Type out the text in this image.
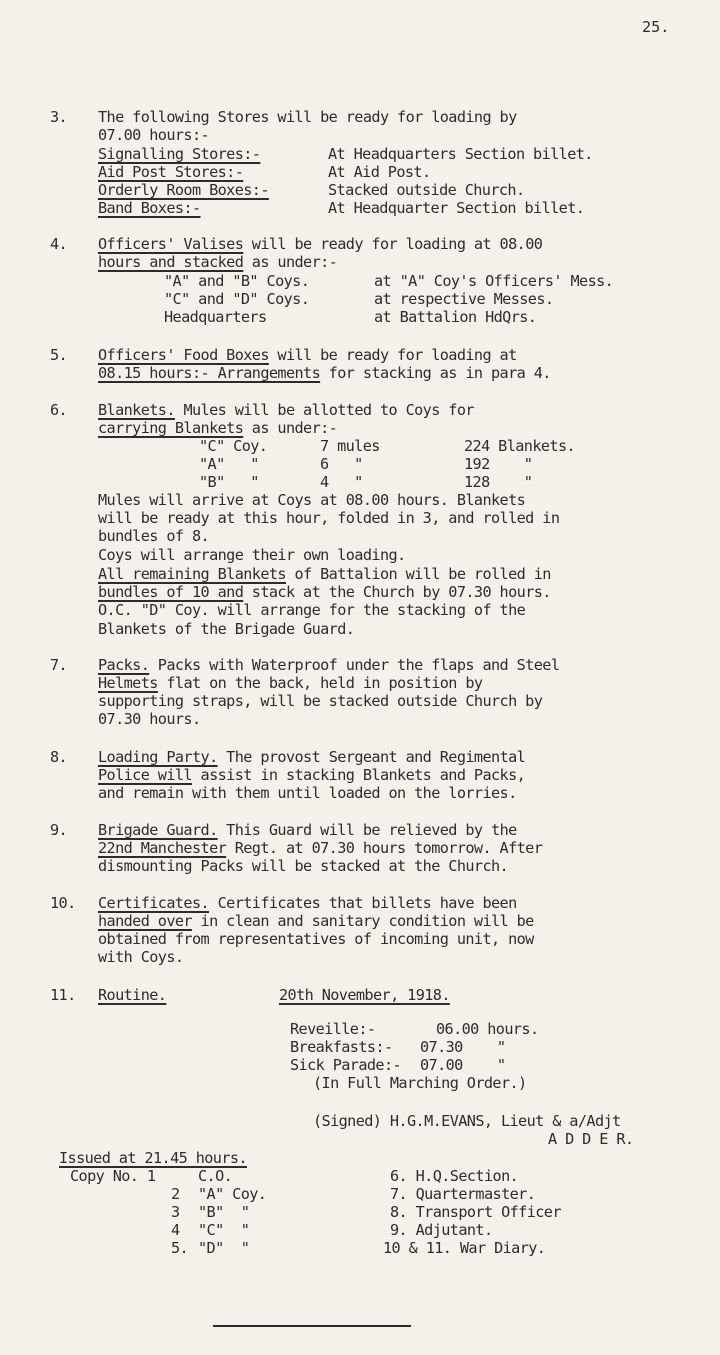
25.
3. The following Stores will be ready for loading by
07.00 hours:-
Signalling Stores:-	At Headquarters Section billet.
Aid Post Stores:-	At Aid Post.
Orderly Room Boxes:-	Stacked outside Church.
Band Boxes:-	At Headquarter Section billet.
4. Officers' Valises will be ready for loading at 08.00
hours and stacked as under:-
"A" and "B" Coys.	at "A" Coy's Officers' Mess.
"C" and "D" Coys.	at respective Messes.
Headquarters	at Battalion HdQrs.
5. Officers' Food Boxes will be ready for loading at
08.15 hours:- Arrangements for stacking as in para 4.
6. Blankets. Mules will be allotted to Coys for
carrying Blankets as under:-
"C" Coy.	7 mules	224 Blankets.
"A"   "	6   "	192    "
"B"   "	4   "	128    "
Mules will arrive at Coys at 08.00 hours. Blankets
will be ready at this hour, folded in 3, and rolled in
bundles of 8.
Coys will arrange their own loading.
All remaining Blankets of Battalion will be rolled in
bundles of 10 and stack at the Church by 07.30 hours.
O.C. "D" Coy. will arrange for the stacking of the
Blankets of the Brigade Guard.
7. Packs. Packs with Waterproof under the flaps and Steel
Helmets flat on the back, held in position by
supporting straps, will be stacked outside Church by
07.30 hours.
8. Loading Party. The provost Sergeant and Regimental
Police will assist in stacking Blankets and Packs,
and remain with them until loaded on the lorries.
9. Brigade Guard. This Guard will be relieved by the
22nd Manchester Regt. at 07.30 hours tomorrow. After
dismounting Packs will be stacked at the Church.
10. Certificates. Certificates that billets have been
handed over in clean and sanitary condition will be
obtained from representatives of incoming unit, now
with Coys.
11. Routine.	20th November, 1918.
Reveille:-	06.00 hours.
Breakfasts:- 07.30    "
Sick Parade:- 07.00    "
(In Full Marching Order.)
(Signed) H.G.M.EVANS, Lieut & a/Adjt
A D D E R.
Issued at 21.45 hours.
Copy No. 1	C.O.
2 "A" Coy.
3 "B"  "
4 "C"  "
5. "D"  "
6. H.Q.Section.
7. Quartermaster.
8. Transport Officer
9. Adjutant.
10 & 11. War Diary.
